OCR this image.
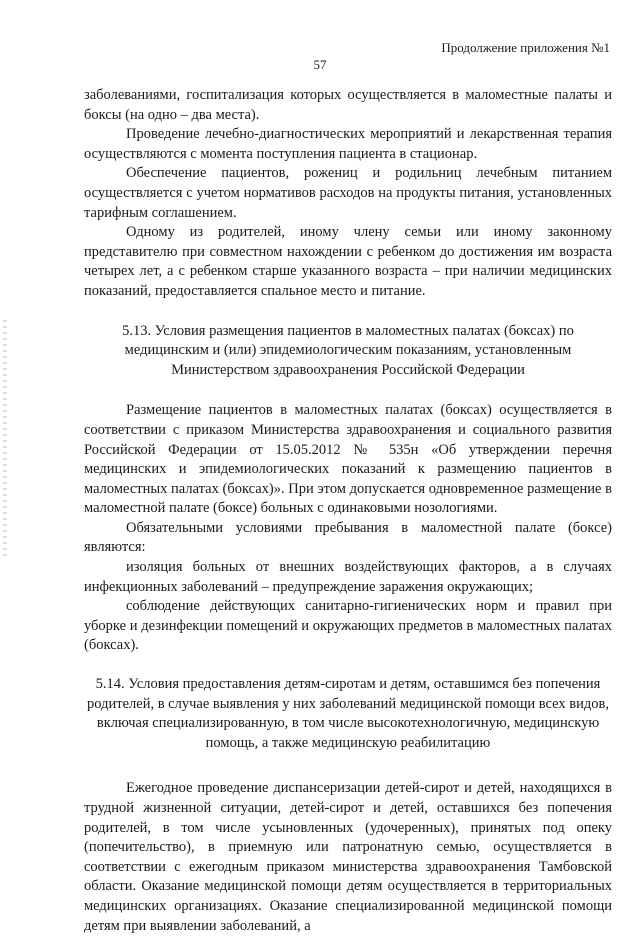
Продолжение приложения №1
57

заболеваниями, госпитализация которых осуществляется в маломестные палаты и боксы (на одно – два места).

Проведение лечебно-диагностических мероприятий и лекарственная терапия осуществляются с момента поступления пациента в стационар.

Обеспечение пациентов, рожениц и родильниц лечебным питанием осуществляется с учетом нормативов расходов на продукты питания, установленных тарифным соглашением.

Одному из родителей, иному члену семьи или иному законному представителю при совместном нахождении с ребенком до достижения им возраста четырех лет, а с ребенком старше указанного возраста – при наличии медицинских показаний, предоставляется спальное место и питание.

5.13. Условия размещения пациентов в маломестных палатах (боксах) по медицинским и (или) эпидемиологическим показаниям, установленным Министерством здравоохранения Российской Федерации

Размещение пациентов в маломестных палатах (боксах) осуществляется в соответствии с приказом Министерства здравоохранения и социального развития Российской Федерации от 15.05.2012 № 535н «Об утверждении перечня медицинских и эпидемиологических показаний к размещению пациентов в маломестных палатах (боксах)». При этом допускается одновременное размещение в маломестной палате (боксе) больных с одинаковыми нозологиями.

Обязательными условиями пребывания в маломестной палате (боксе) являются:

изоляция больных от внешних воздействующих факторов, а в случаях инфекционных заболеваний – предупреждение заражения окружающих;

соблюдение действующих санитарно-гигиенических норм и правил при уборке и дезинфекции помещений и окружающих предметов в маломестных палатах (боксах).

5.14. Условия предоставления детям-сиротам и детям, оставшимся без попечения родителей, в случае выявления у них заболеваний медицинской помощи всех видов, включая специализированную, в том числе высокотехнологичную, медицинскую помощь, а также медицинскую реабилитацию

Ежегодное проведение диспансеризации детей-сирот и детей, находящихся в трудной жизненной ситуации, детей-сирот и детей, оставшихся без попечения родителей, в том числе усыновленных (удочеренных), принятых под опеку (попечительство), в приемную или патронатную семью, осуществляется в соответствии с ежегодным приказом министерства здравоохранения Тамбовской области. Оказание медицинской помощи детям осуществляется в территориальных медицинских организациях. Оказание специализированной медицинской помощи детям при выявлении заболеваний, а
